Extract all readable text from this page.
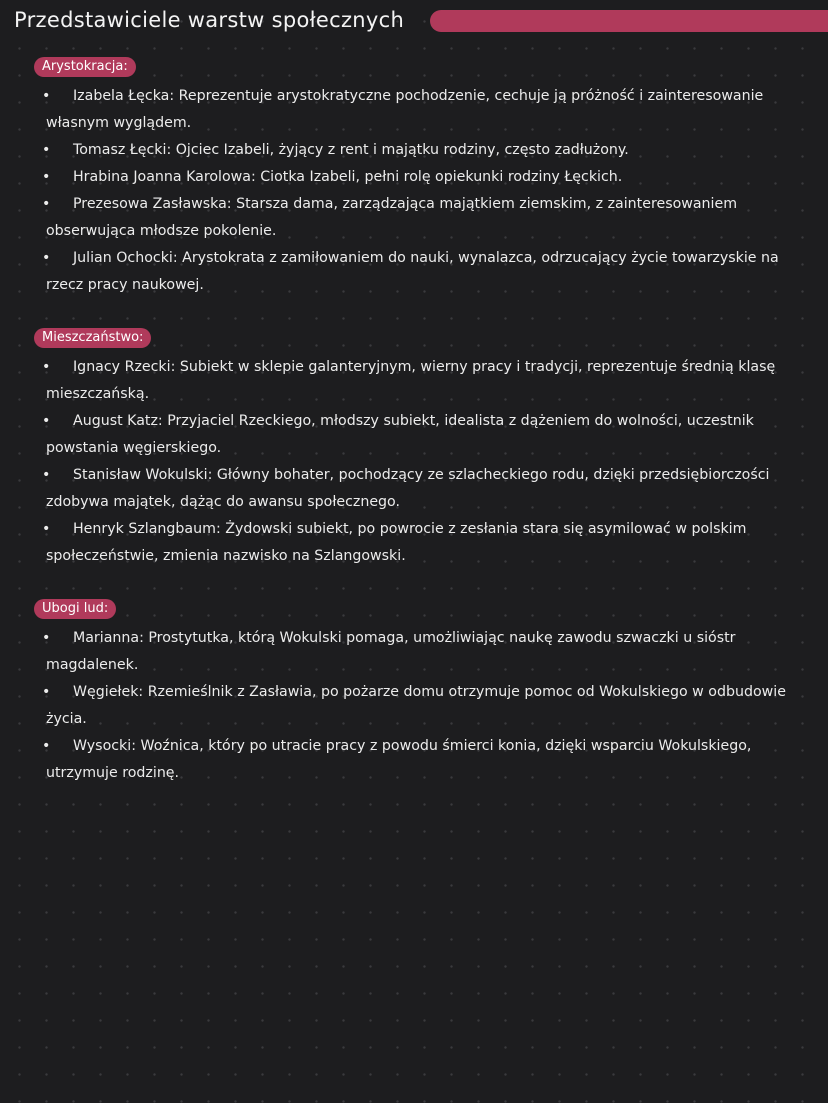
Przedstawiciele warstw społecznych
Arystokracja:
• Izabela Łęcka: Reprezentuje arystokratyczne pochodzenie, cechuje ją próżność i zainteresowanie własnym wyglądem.
• Tomasz Łęcki: Ojciec Izabeli, żyjący z rent i majątku rodziny, często zadłużony.
• Hrabina Joanna Karolowa: Ciotka Izabeli, pełni rolę opiekunki rodziny Łęckich.
• Prezesowa Zasławska: Starsza dama, zarządzająca majątkiem ziemskim, z zainteresowaniem obserwująca młodsze pokolenie.
• Julian Ochocki: Arystokrata z zamiłowaniem do nauki, wynalazca, odrzucający życie towarzyskie na rzecz pracy naukowej.
Mieszczaństwo:
• Ignacy Rzecki: Subiekt w sklepie galanteryjnym, wierny pracy i tradycji, reprezentuje średnią klasę mieszczańską.
• August Katz: Przyjaciel Rzeckiego, młodszy subiekt, idealista z dążeniem do wolności, uczestnik powstania węgierskiego.
• Stanisław Wokulski: Główny bohater, pochodzący ze szlacheckiego rodu, dzięki przedsiębiorczości zdobywa majątek, dążąc do awansu społecznego.
• Henryk Szlangbaum: Żydowski subiekt, po powrocie z zesłania stara się asymilować w polskim społeczeństwie, zmienia nazwisko na Szlangowski.
Ubogi lud:
• Marianna: Prostytutka, którą Wokulski pomaga, umożliwiając naukę zawodu szwaczki u sióstr magdalenek.
• Węgiełek: Rzemieślnik z Zasławia, po pożarze domu otrzymuje pomoc od Wokulskiego w odbudowie życia.
• Wysocki: Woźnica, który po utracie pracy z powodu śmierci konia, dzięki wsparciu Wokulskiego, utrzymuje rodzinę.
